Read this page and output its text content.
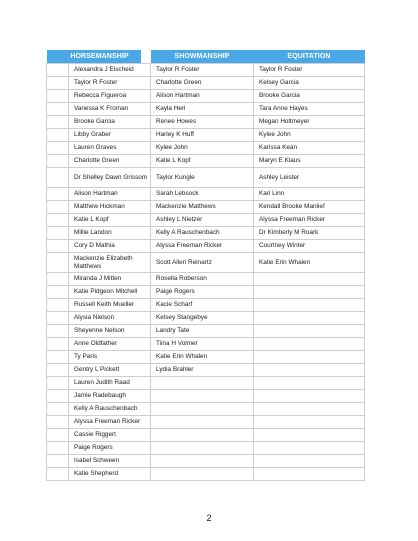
	HORSEMANSHIP	SHOWMANSHIP	EQUITATION
	Alexandra J Eischeid	Taylor R Foster	Taylor R Foster
	Taylor R Foster	Charlotte Green	Kelsey Garcia
	Rebecca Figueroa	Alison Hartman	Brooke Garcia
	Vanessa K Froman	Kayla Herl	Tara Anne Hayes
	Brooke Garcia	Renee Howes	Megan Holtmeyer
	Libby Graber	Harley K Huff	Kylee John
	Lauren Graves	Kylee John	Karissa Kean
	Charlotte Green	Katie L Kopf	Maryn E Klaus
	Dr Shelley Dawn Grissom	Taylor Kungle	Ashley Leister
	Alison Hartman	Sarah Lebsock	Kari Linn
	Matthew Hickman	Mackenzie Matthews	Kendall Brooke Manlief
	Katie L Kopf	Ashley L Nietzer	Alyssa Freeman Ricker
	Millie Landon	Kelly A Rauschenbach	Dr Kimberly M Roark
	Cory D Mathia	Alyssa Freeman Ricker	Courtney Winter
	Mackenzie Elizabeth Matthews	Scott Allen Reinartz	Katie Erin Whalen
	Miranda J Mitten	Rosella Roberson	
	Katie Pidgeon Mitchell	Paige Rogers	
	Russell Keith Mueller	Kacie Scharf	
	Alysia Nielson	Kelsey Stangebye	
	Sheyenne Nelson	Landry Tate	
	Anne Oldfather	Tiina H Volmer	
	Ty Paris	Katie Erin Whalen	
	Gentry L Pickett	Lydia Brahler	
	Lauren Judith Raad		
	Jamie Radebaugh		
	Kelly A Rauschenbach		
	Alyssa Freeman Ricker		
	Cassie Riggert		
	Paige Rogers		
	Isabel Schween		
	Katie Shepherd		
2
